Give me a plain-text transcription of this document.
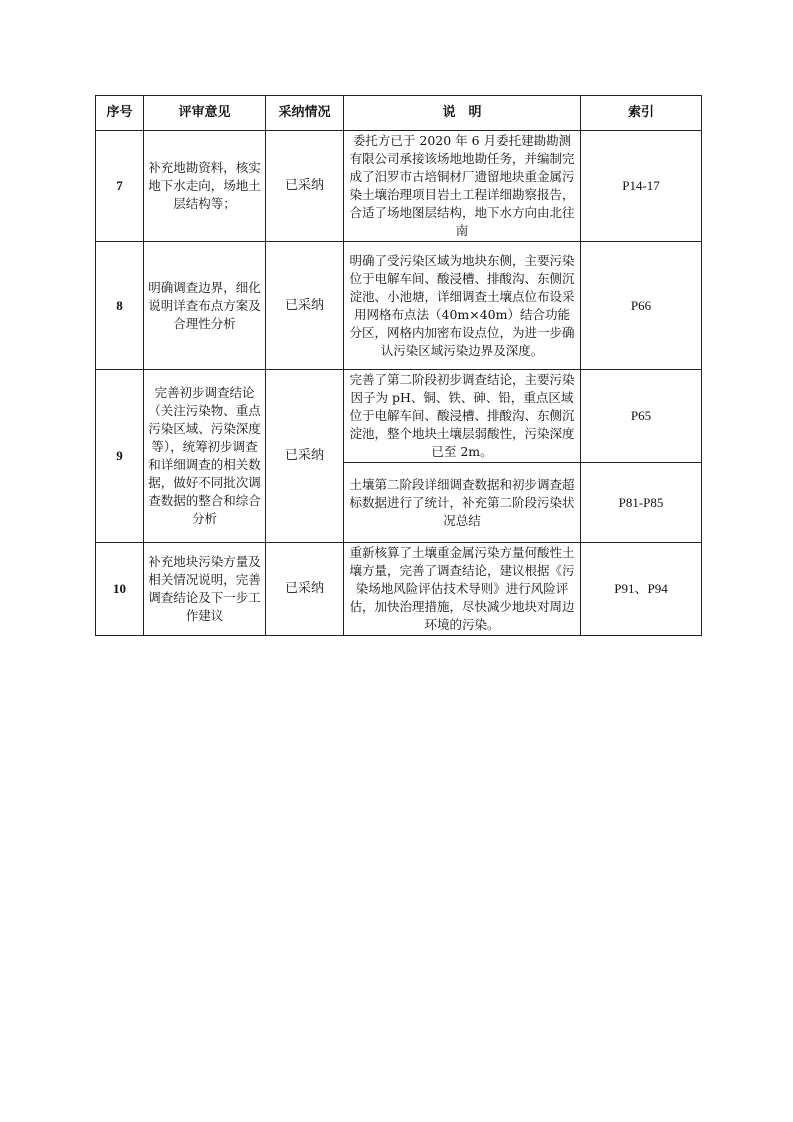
序号	评审意见	采纳情况	说　明	索引
7	补充地勘资料，核实地下水走向，场地土层结构等；	已采纳	委托方已于 2020 年 6 月委托建勘勘测有限公司承接该场地地勘任务，并编制完成了汨罗市古培铜材厂遗留地块重金属污染土壤治理项目岩土工程详细勘察报告，合适了场地图层结构，地下水方向由北往南	P14-17
8	明确调查边界，细化说明详查布点方案及合理性分析	已采纳	明确了受污染区域为地块东侧，主要污染位于电解车间、酸浸槽、排酸沟、东侧沉淀池、小池塘，详细调查土壤点位布设采用网格布点法（40m×40m）结合功能分区，网格内加密布设点位，为进一步确认污染区域污染边界及深度。	P66
9	完善初步调查结论（关注污染物、重点污染区域、污染深度等），统筹初步调查和详细调查的相关数据，做好不同批次调查数据的整合和综合分析	已采纳	完善了第二阶段初步调查结论，主要污染因子为 pH、铜、铁、砷、铅，重点区域位于电解车间、酸浸槽、排酸沟、东侧沉淀池，整个地块土壤层弱酸性，污染深度已至 2m。	P65
			土壤第二阶段详细调查数据和初步调查超标数据进行了统计，补充第二阶段污染状况总结	P81-P85
10	补充地块污染方量及相关情况说明，完善调查结论及下一步工作建议	已采纳	重新核算了土壤重金属污染方量何酸性土壤方量，完善了调查结论，建议根据《污染场地风险评估技术导则》进行风险评估，加快治理措施，尽快减少地块对周边环境的污染。	P91、P94
